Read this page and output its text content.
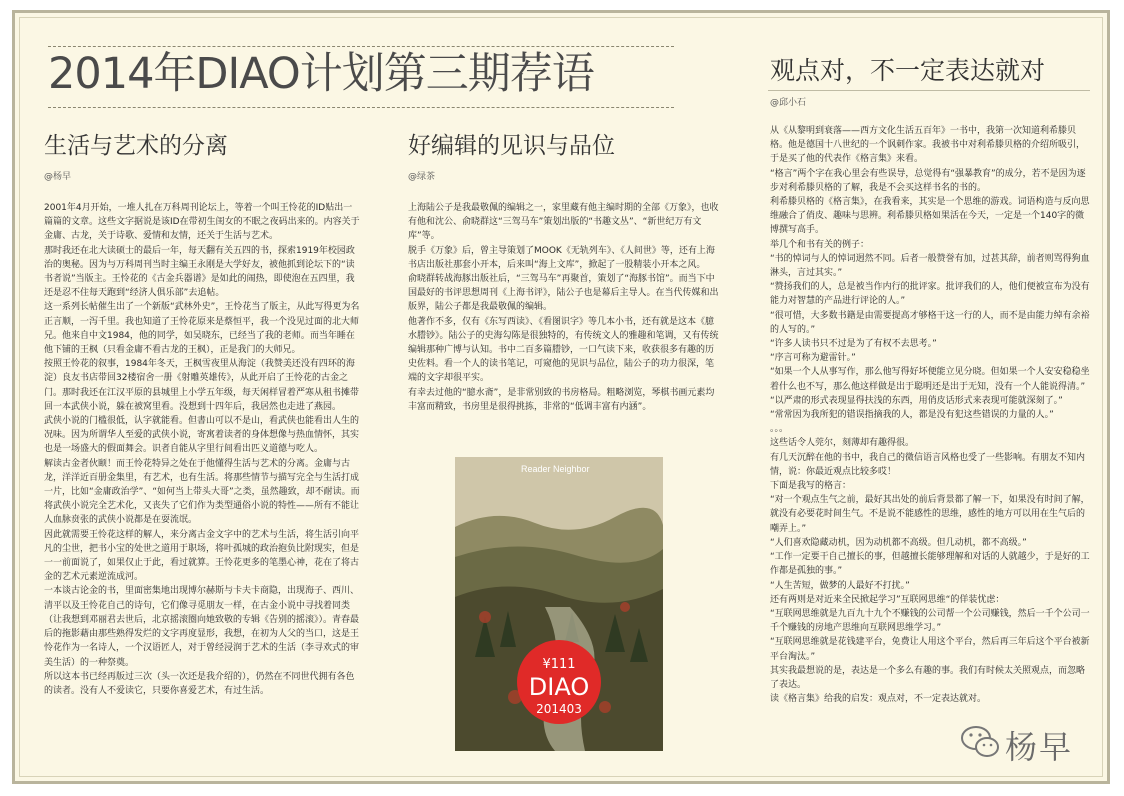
2014年DIAO计划第三期荐语	观点对，不一定表达就对
生活与艺术的分离	好编辑的见识与品位
@杨早	@绿茶
@邱小石

2001年4月开始，一堆人扎在万科周刊论坛上，等着一个叫王怜花的ID贴出一篇篇的文章。这些文字据说是该ID在带初生闺女的不眠之夜码出来的。内容关于金庸、古龙，关于诗歌、爱情和友情，还关于生活与艺术。

那时我还在北大读硕士的最后一年，每天翻有关五四的书，探索1919年校园政治的奥秘。因为与万科周刊当时主编王永刚是大学好友，被他抓到论坛下的“读书者说”当版主。王怜花的《古金兵器谱》是如此的闹热，即使泡在五四里，我还是忍不住每天跑到“经济人俱乐部”去追帖。

这一系列长帖催生出了一个新版“武林外史”，王怜花当了版主，从此写得更为名正言顺，一泻千里。我也知道了王怜花原来是蔡恒平，我一个没见过面的北大师兄。他来自中文1984，他的同学，如吴晓东，已经当了我的老师。而当年睡在他下铺的王枫（只看金庸不看古龙的王枫），正是我门的大师兄。

按照王怜花的叙事，1984年冬天，王枫雪夜里从海淀（我赞美还没有四环的海淀）良友书店带回32楼宿舍一册《射雕英雄传》，从此开启了王怜花的古金之门。那时我还在江汉平原的县城里上小学五年级，每天闲样冒着严寒从租书摊带回一本武侠小说，躲在被窝里看。没想到十四年后，我居然也走进了燕园。

武侠小说的门槛很低，认字就能看。但書山可以不是山，看武侠也能看出人生的况味。因为所谓华人至爱的武侠小说，寄寓着读者的身体想像与热血情怀，其实也是一场盛大的假面舞会。识者自能从字里行间看出匹义道德与吃人。

解读古金者伙颐！而王怜花特异之处在于他懂得生活与艺术的分离。金庸与古龙，洋洋近百册金集里，有艺术，也有生活。将那些情节与描写完全与生活打成一片，比如“金庸政治学”、“如何当上带头大哥”之类，虽然趣致，却不耐读。而将武侠小说完全艺术化，又丧失了它们作为类型通俗小说的特性——所有不能让人血脉贲张的武侠小说都是在耍流氓。

因此就需要王怜花这样的解人，来分离古金文字中的艺术与生活，将生活引向平凡的尘世，把书小宝的处世之道用于职场，将叶孤城的政治抱负比附现实，但是一一前面说了，如果仅止于此，看过就算。王怜花更多的笔墨心神，花在了将古金的艺术元素逆流成河。

一本谈古论金的书，里面密集地出现博尔赫斯与卡夫卡商隐，出现海子、西川、清平以及王怜花自己的诗句，它们像寻觅朋友一样，在古金小说中寻找着同类（让我想到邓丽君去世后，北京摇滚圈向她致敬的专辑《告别的摇滚》）。青春最后的拖影藉由那些熟得发烂的文字再度显形，我想，在初为人父的当口，这是王怜花作为一名诗人，一个汉语匠人，对于曾经浸润于艺术的生活（李寻欢式的审美生活）的一种祭奠。

所以这本书已经再版过三次（头一次还是我介绍的），仍然在不同世代拥有各色的读者。没有人不爱读它，只要你喜爱艺术，有过生活。

上海陆公子是我最敬佩的编辑之一，家里藏有他主编时期的全部《万象》，也收有他和沈公、俞晓群这“三驾马车”策划出版的“书趣文丛”、“新世纪万有文库”等。

脱手《万象》后，曾主导策划了MOOK《无轨列车》、《人间世》等，还有上海书店出版社那套小开本，后来叫“海上文库”，掀起了一股精装小开本之风。

俞晓群转战海豚出版社后，“三驾马车”再聚首，策划了“海豚书馆”。而当下中国最好的书评思想周刊《上海书评》，陆公子也是幕后主导人。在当代传媒和出版界，陆公子都是我最敬佩的编辑。

他著作不多，仅有《东写西读》、《看图识字》等几本小书，还有就是这本《臆水謄钞》。陆公子的史海勾陈是很独特的，有传统文人的雅趣和笔调，又有传统编辑那种广博与认知。书中二百多篇謄钞，一口气读下来，收获很多有趣的历史佐料。看一个人的读书笔记，可窥他的见识与品位，陆公子的功力很深，笔端的文字却很平实。

有幸去过他的“臆水斋”，是非常别致的书房格局。粗略浏览，琴棋书画元素均丰富而精致，书房里是很得挑拣，非常的“低调丰富有内涵”。

从《从黎明到衰落——西方文化生活五百年》一书中，我第一次知道利希滕贝格。他是德国十八世纪的一个讽刺作家。我被书中对利希滕贝格的介绍所吸引，于是买了他的代表作《格言集》来看。

“格言”两个字在我心里会有些误导，总觉得有“强暴教育”的成分，若不是因为逐步对利希滕贝格的了解，我是不会买这样书名的书的。

利希滕贝格的《格言集》，在我看来，其实是一个思维的游戏。词语构造与反向思维融合了俏皮、趣味与思辨。利希滕贝格如果活在今天，一定是一个140字的微博撰写高手。

举几个和书有关的例子：

“书的悼词与人的悼词迥然不同。后者一般赞誉有加，过甚其辞，前者则骂得狗血淋头，言过其实。”

“赞扬我们的人，总是被当作内行的批评家。批评我们的人，他们便被宣布为没有能力对智慧的产品进行评论的人。”

“很可惜，大多数书籍是由需要提高才够格干这一行的人，而不是由能力绰有余裕的人写的。”

“许多人读书只不过是为了有权不去思考。”

“序言可称为避雷针。”

“如果一个人从事写作，那么他写得好坏便能立见分晓。但如果一个人安安稳稳坐着什么也不写，那么他这样做是出于聪明还是出于无知，没有一个人能说得清。”

“以严肃的形式表现显得扶浅的东西，用俏皮话形式来表现可能就深刻了。”

“常常因为我所犯的错误指摘我的人，都是没有犯这些错误的力量的人。”

。。。

这些话令人莞尔，刻薄却有趣得很。

有几天沉醉在他的书中，我自己的微信语言风格也受了一些影响。有朋友不知内情，说：你最近观点比较多哎！

下面是我写的格言：

“对一个观点生气之前，最好其出处的前后背景都了解一下，如果没有时间了解，就没有必要花时间生气。不是说不能感性的思维，感性的地方可以用在生气后的嘲弄上。”

“人们喜欢隐藏动机，因为动机都不高级。但几动机，都不高级。”

“工作一定要干自己擅长的事，但越擅长能够理解和对话的人就越少，于是好的工作都是孤独的事。”

“人生苦短，做梦的人最好不打扰。”

还有两则是对近来全民掀起学习”互联网思维“的佯装忧虑：

“互联网思维就是九百九十九个不赚钱的公司帮一个公司赚钱，然后一千个公司一千个赚钱的房地产思维向互联网思维学习。”

“互联网思维就是花钱建平台，免费让人用这个平台，然后再三年后这个平台被新平台淘汰。”

其实我最想说的是，表达是一个多么有趣的事。我们有时候太关照观点，而忽略了表达。

读《格言集》给我的启发：观点对，不一定表达就对。

Reader Neighbor
¥111
DIAO
201403
杨早
